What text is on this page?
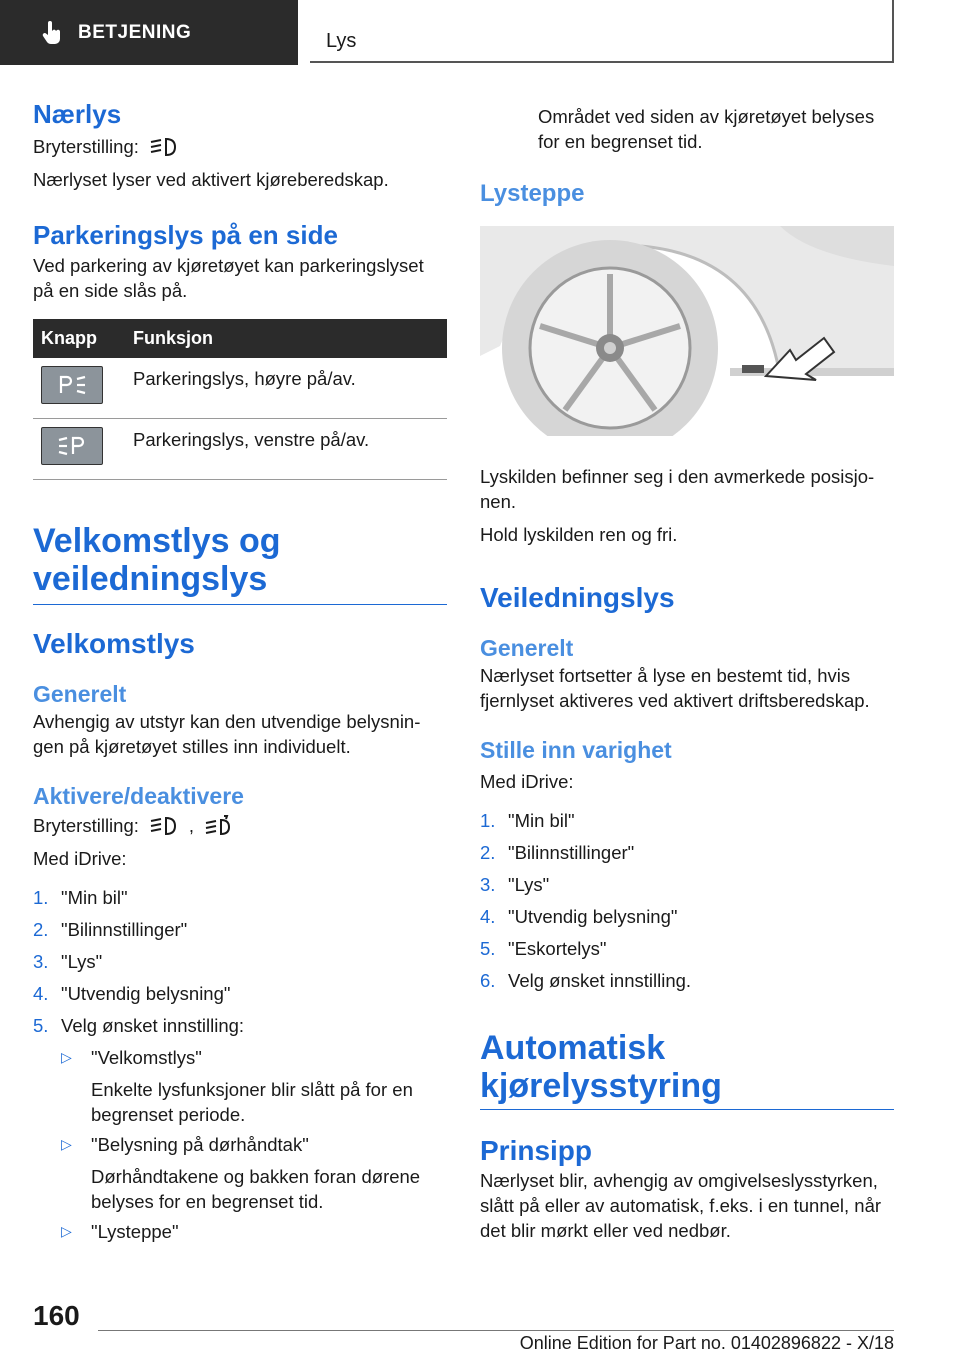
BETJENING	Lys
Nærlys
Bryterstilling:

Nærlyset lyser ved aktivert kjøreberedskap.

Parkeringslys på en side

Ved parkering av kjøretøyet kan parkeringslyset på en side slås på.

Knapp	Funksjon

	Parkeringslys, høyre på/av.

	Parkeringslys, venstre på/av.
Velkomstlys og veiledningslys
Velkomstlys
Generelt

Avhengig av utstyr kan den utvendige belysnin-gen på kjøretøyet stilles inn individuelt.

Aktivere/deaktivere
Bryterstilling:	,

Med iDrive:

1. "Min bil"
2. "Bilinnstillinger"
3. "Lys"
4. "Utvendig belysning"
5. Velg ønsket innstilling:
▷	"Velkomstlys"
Enkelte lysfunksjoner blir slått på for en begrenset periode.
▷	"Belysning på dørhåndtak"
Dørhåndtakene og bakken foran dørene belyses for en begrenset tid.
▷	"Lysteppe"

Området ved siden av kjøretøyet belyses for en begrenset tid.

Lysteppe

Lyskilden befinner seg i den avmerkede posisjo-nen.

Hold lyskilden ren og fri.

Veiledningslys
Generelt

Nærlyset fortsetter å lyse en bestemt tid, hvis fjernlyset aktiveres ved aktivert driftsberedskap.

Stille inn varighet

Med iDrive:

1. "Min bil"
2. "Bilinnstillinger"
3. "Lys"
4. "Utvendig belysning"
5. "Eskortelys"
6. Velg ønsket innstilling.
Automatisk kjørelysstyring
Prinsipp

Nærlyset blir, avhengig av omgivelseslysstyrken, slått på eller av automatisk, f.eks. i en tunnel, når det blir mørkt eller ved nedbør.

160
Online Edition for Part no. 01402896822 - X/18
